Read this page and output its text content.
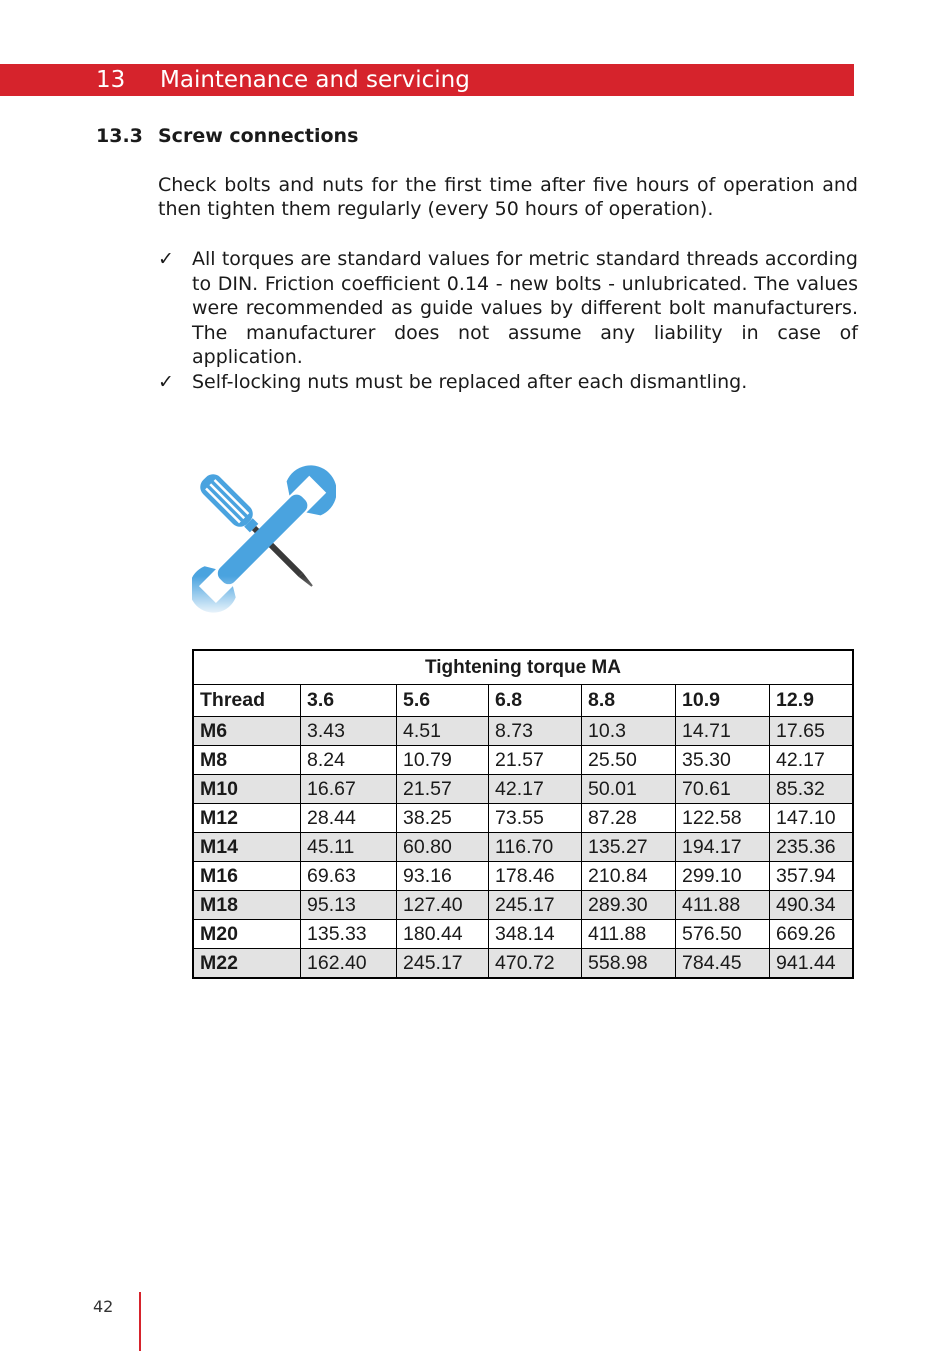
13 Maintenance and servicing
13.3 Screw connections

Check bolts and nuts for the first time after five hours of operation and then tighten them regularly (every 50 hours of operation).

✓ All torques are standard values for metric standard threads according to DIN. Friction coefficient 0.14 - new bolts - unlubricated. The values were recommended as guide values by different bolt manufacturers. The manufacturer does not assume any liability in case of application.
✓ Self-locking nuts must be replaced after each dismantling.
Tightening torque MA						
Thread	3.6	5.6	6.8	8.8	10.9	12.9
M6	3.43	4.51	8.73	10.3	14.71	17.65
M8	8.24	10.79	21.57	25.50	35.30	42.17
M10	16.67	21.57	42.17	50.01	70.61	85.32
M12	28.44	38.25	73.55	87.28	122.58	147.10
M14	45.11	60.80	116.70	135.27	194.17	235.36
M16	69.63	93.16	178.46	210.84	299.10	357.94
M18	95.13	127.40	245.17	289.30	411.88	490.34
M20	135.33	180.44	348.14	411.88	576.50	669.26
M22	162.40	245.17	470.72	558.98	784.45	941.44
42
